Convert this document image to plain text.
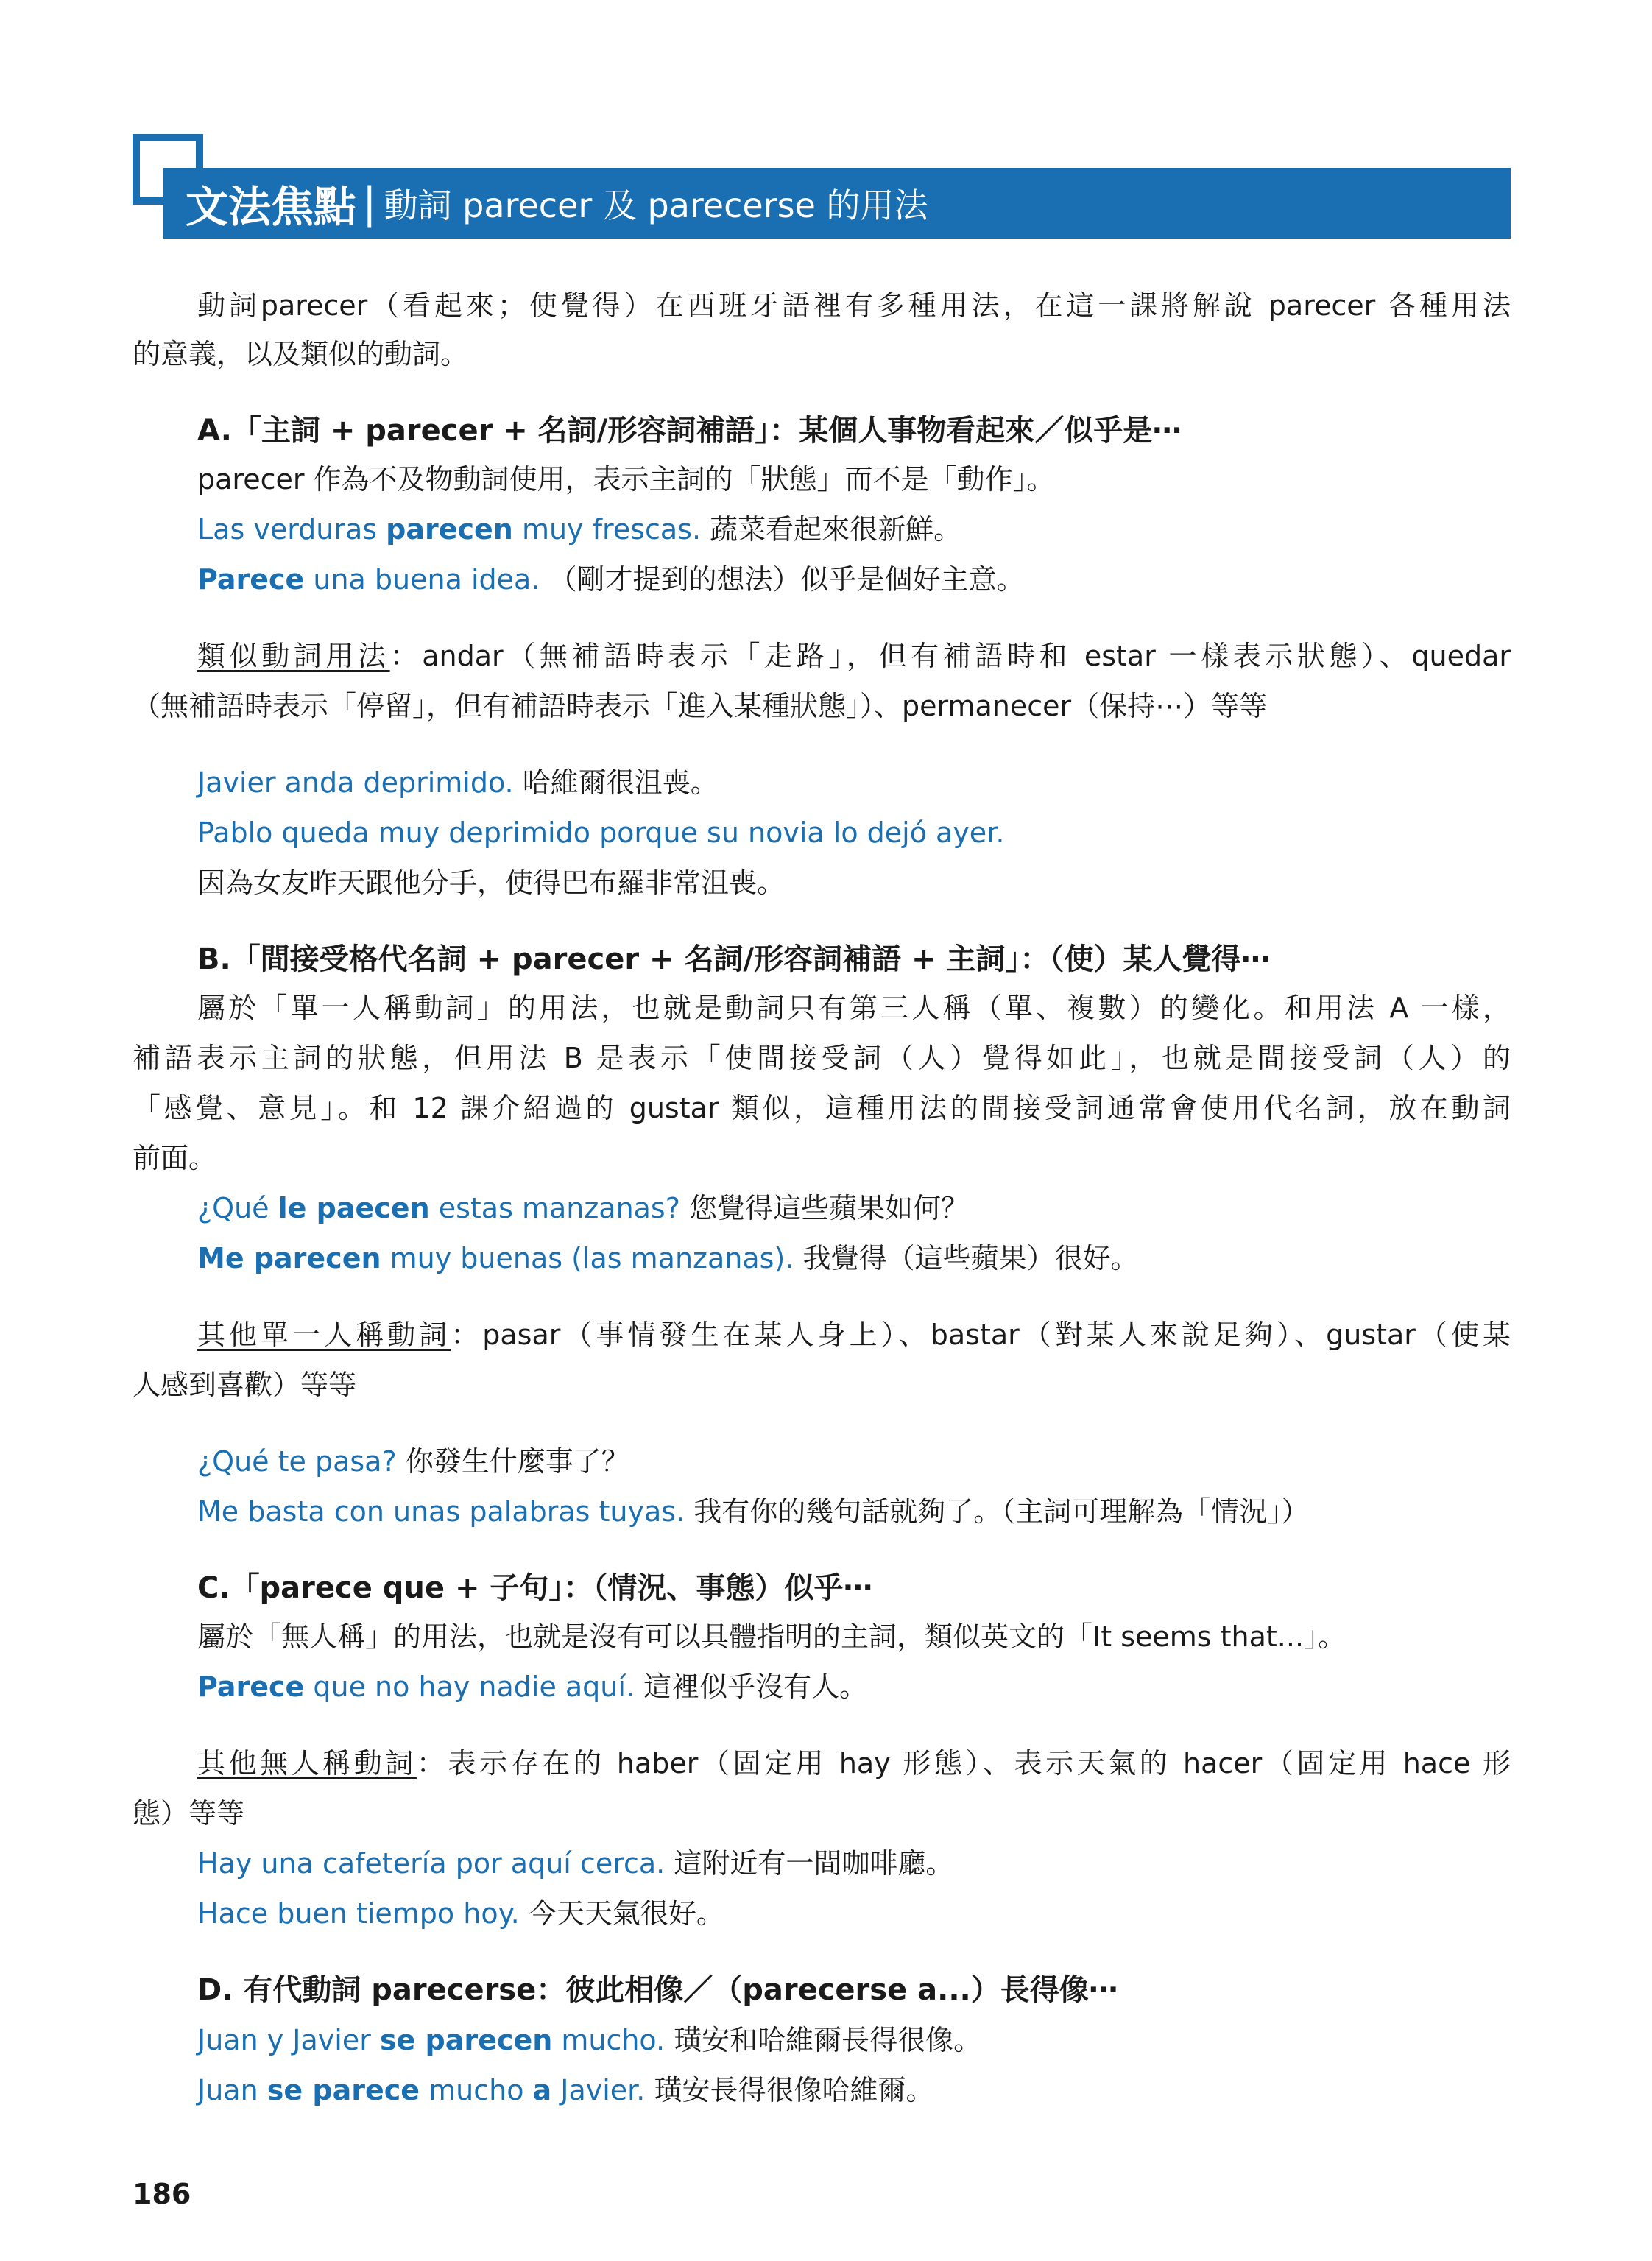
文法焦點 | 動詞 parecer 及 parecerse 的用法
動詞parecer（看起來；使覺得）在西班牙語裡有多種用法，在這一課將解說 parecer 各種用法
的意義，以及類似的動詞。
A.「主詞 + parecer + 名詞/形容詞補語」：某個人事物看起來／似乎是⋯
parecer 作為不及物動詞使用，表示主詞的「狀態」而不是「動作」。
Las verduras parecen muy frescas. 蔬菜看起來很新鮮。
Parece una buena idea. （剛才提到的想法）似乎是個好主意。
類似動詞用法：andar（無補語時表示「走路」，但有補語時和 estar 一樣表示狀態）、quedar
（無補語時表示「停留」，但有補語時表示「進入某種狀態」）、permanecer（保持⋯）等等
Javier anda deprimido. 哈維爾很沮喪。
Pablo queda muy deprimido porque su novia lo dejó ayer.
因為女友昨天跟他分手，使得巴布羅非常沮喪。
B.「間接受格代名詞 + parecer + 名詞/形容詞補語 + 主詞」：（使）某人覺得⋯
屬於「單一人稱動詞」的用法，也就是動詞只有第三人稱（單、複數）的變化。和用法 A 一樣，
補語表示主詞的狀態，但用法 B 是表示「使間接受詞（人）覺得如此」，也就是間接受詞（人）的
「感覺、意見」。和 12 課介紹過的 gustar 類似，這種用法的間接受詞通常會使用代名詞，放在動詞
前面。
¿Qué le paecen estas manzanas? 您覺得這些蘋果如何？
Me parecen muy buenas (las manzanas). 我覺得（這些蘋果）很好。
其他單一人稱動詞：pasar（事情發生在某人身上）、bastar（對某人來說足夠）、gustar（使某
人感到喜歡）等等
¿Qué te pasa? 你發生什麼事了？
Me basta con unas palabras tuyas. 我有你的幾句話就夠了。（主詞可理解為「情況」）
C.「parece que + 子句」：（情況、事態）似乎⋯
屬於「無人稱」的用法，也就是沒有可以具體指明的主詞，類似英文的「It seems that...」。
Parece que no hay nadie aquí. 這裡似乎沒有人。
其他無人稱動詞：表示存在的 haber（固定用 hay 形態）、表示天氣的 hacer（固定用 hace 形
態）等等
Hay una cafetería por aquí cerca. 這附近有一間咖啡廳。
Hace buen tiempo hoy. 今天天氣很好。
D. 有代動詞 parecerse：彼此相像／（parecerse a...）長得像⋯
Juan y Javier se parecen mucho. 璜安和哈維爾長得很像。
Juan se parece mucho a Javier. 璜安長得很像哈維爾。
186
